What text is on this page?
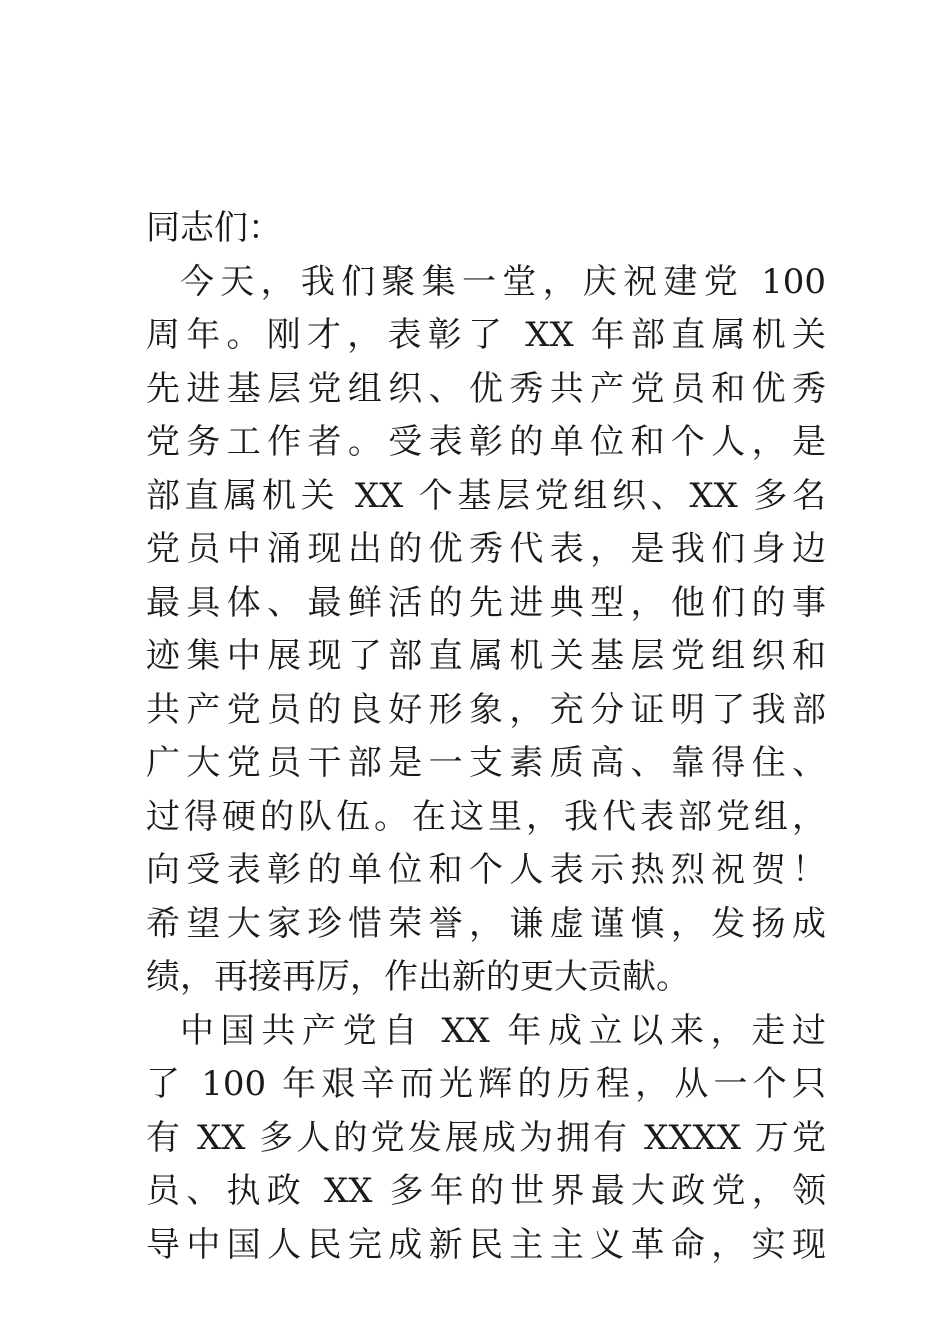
同志们：
今天，我们聚集一堂，庆祝建党 100
周年。刚才，表彰了 XX 年部直属机关
先进基层党组织、优秀共产党员和优秀
党务工作者。受表彰的单位和个人，是
部直属机关 XX 个基层党组织、XX 多名
党员中涌现出的优秀代表，是我们身边
最具体、最鲜活的先进典型，他们的事
迹集中展现了部直属机关基层党组织和
共产党员的良好形象，充分证明了我部
广大党员干部是一支素质高、靠得住、
过得硬的队伍。在这里，我代表部党组，
向受表彰的单位和个人表示热烈祝贺！
希望大家珍惜荣誉，谦虚谨慎，发扬成
绩，再接再厉，作出新的更大贡献。
中国共产党自 XX 年成立以来，走过
了 100 年艰辛而光辉的历程，从一个只
有 XX 多人的党发展成为拥有 XXXX 万党
员、执政 XX 多年的世界最大政党，领
导中国人民完成新民主主义革命，实现
